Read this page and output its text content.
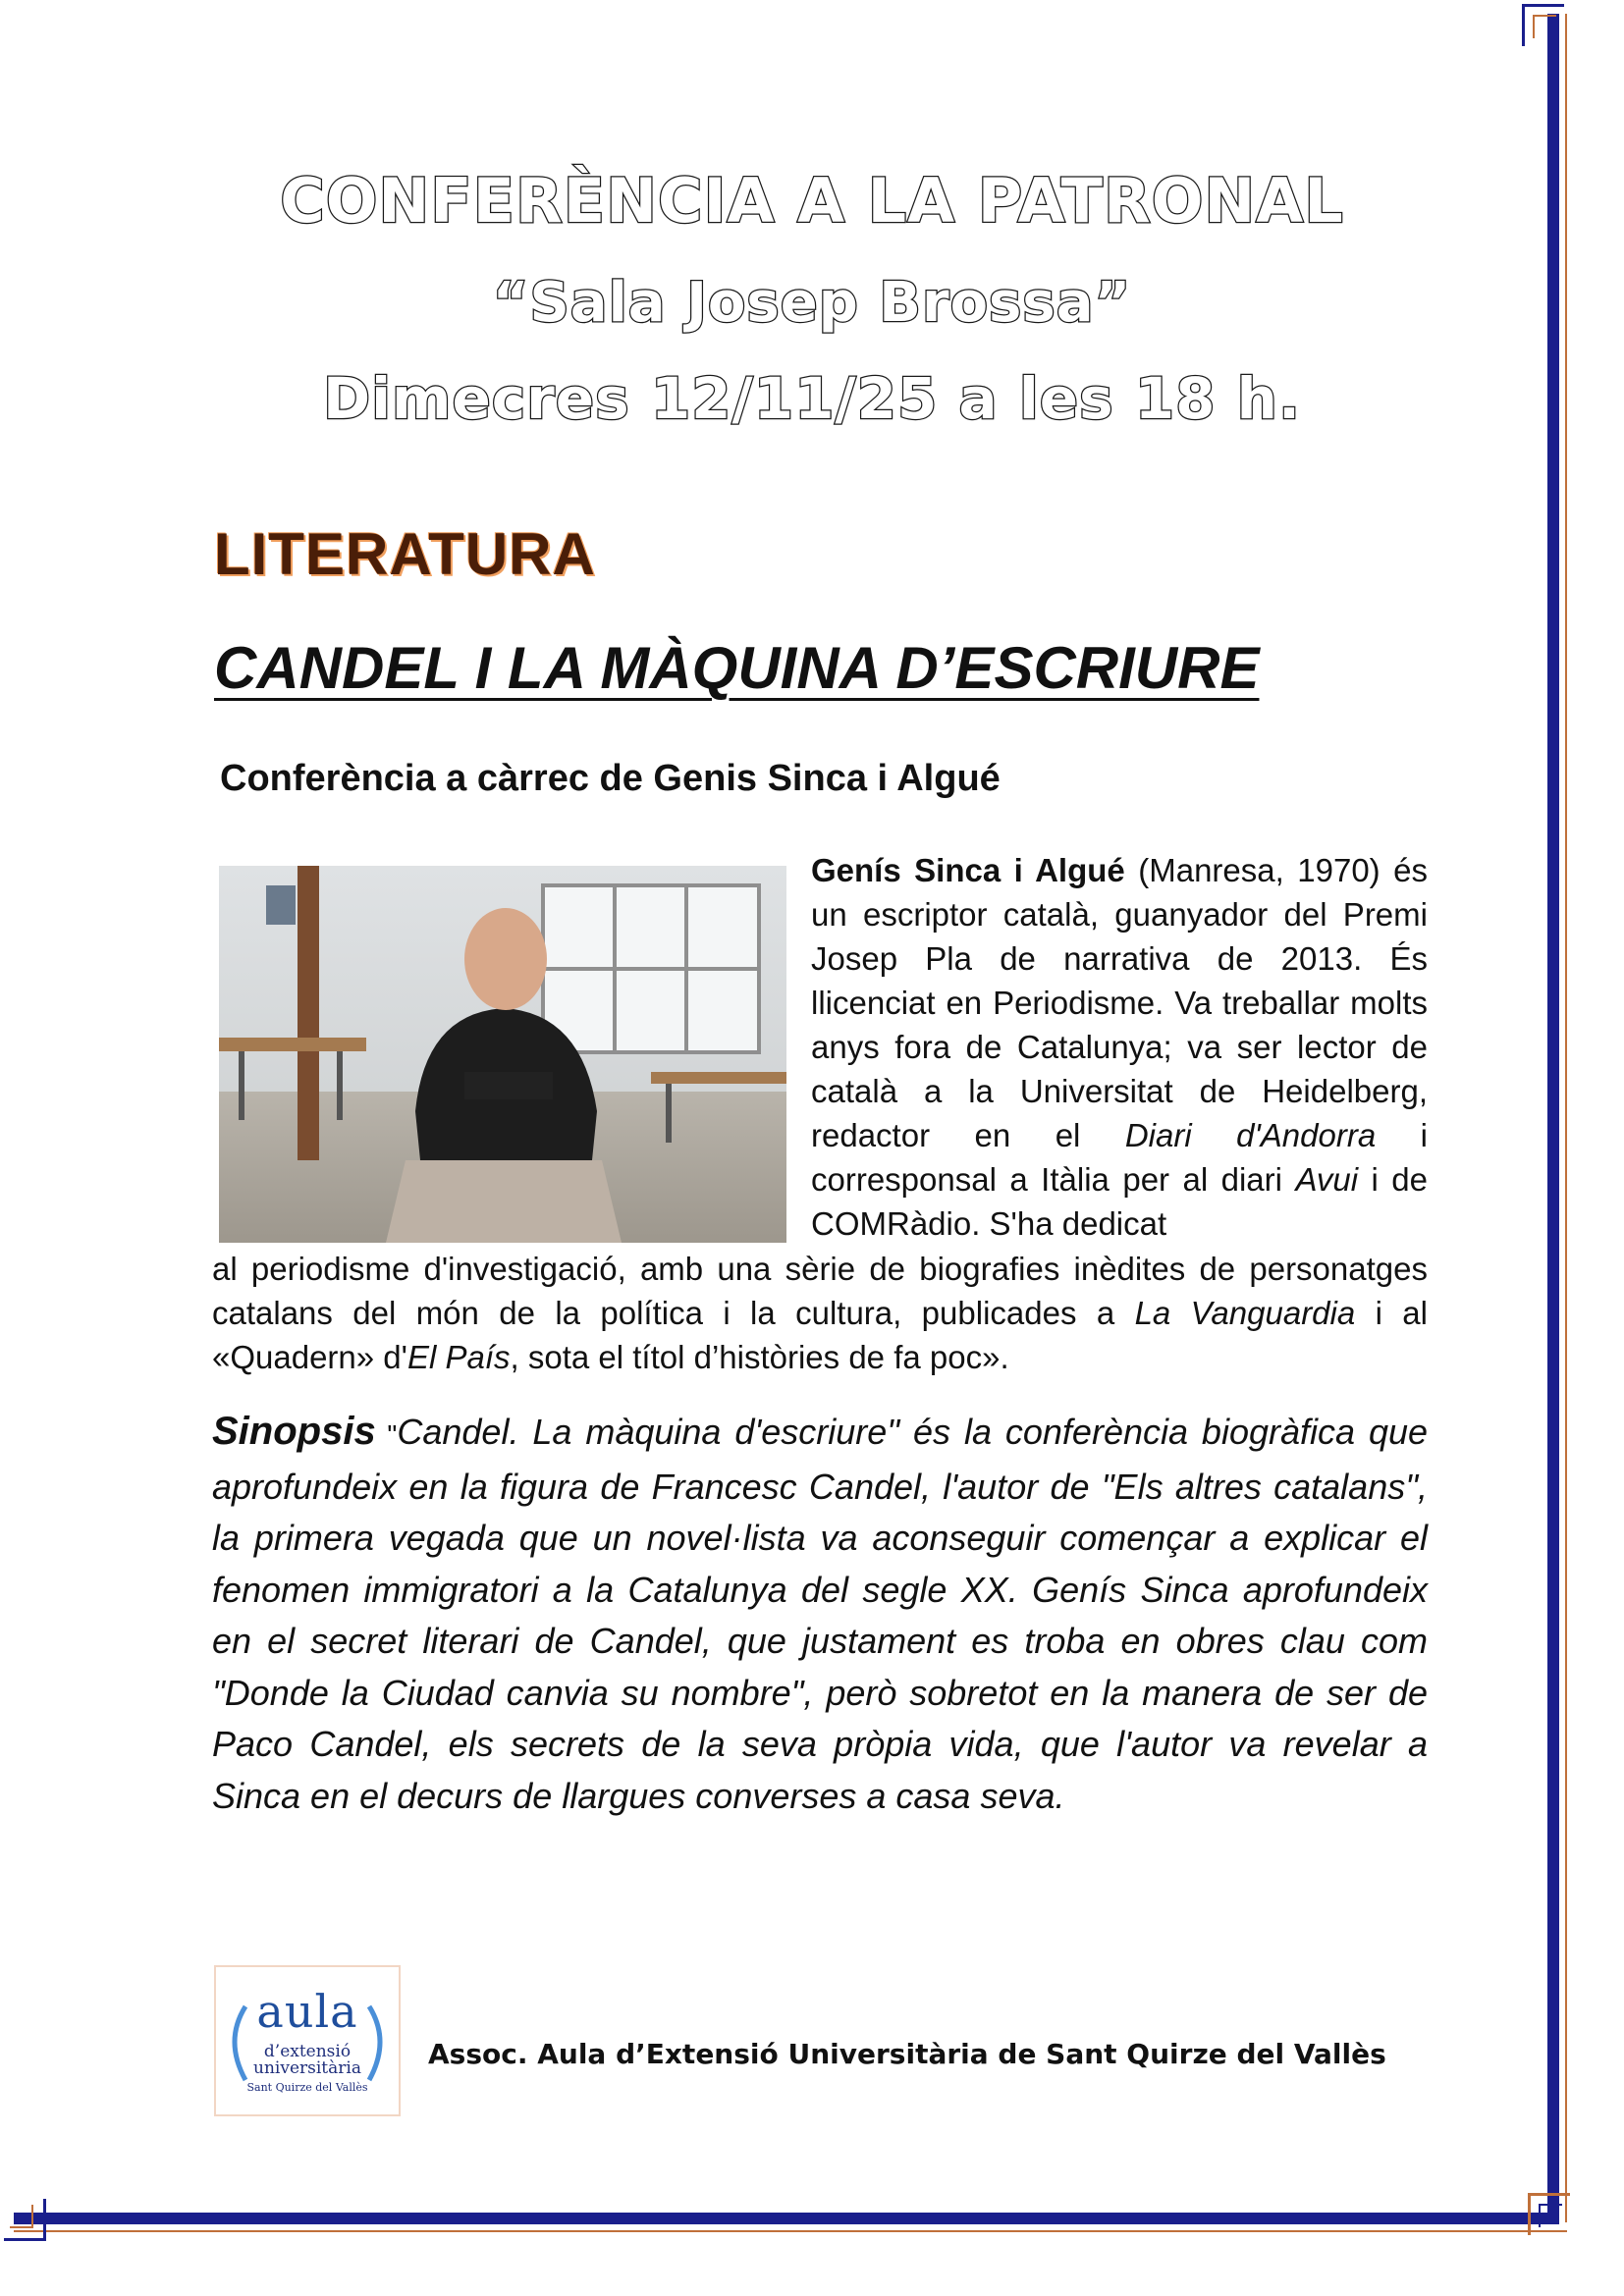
CONFERÈNCIA A LA PATRONAL
“Sala Josep Brossa”
Dimecres 12/11/25 a les 18 h.
LITERATURA
CANDEL I LA MÀQUINA D’ESCRIURE
Conferència a càrrec de Genis Sinca i Algué
Genís Sinca i Algué (Manresa, 1970) és un escriptor català, guanyador del Premi Josep Pla de narrativa de 2013. És llicenciat en Periodisme. Va treballar molts anys fora de Catalunya; va ser lector de català a la Universitat de Heidelberg, redactor en el Diari d'Andorra i corresponsal a Itàlia per al diari Avui i de COMRàdio. S'ha dedicat
al periodisme d'investigació, amb una sèrie de biografies inèdites de personatges catalans del món de la política i la cultura, publicades a La Vanguardia i al «Quadern» d'El País, sota el títol d’històries de fa poc».
Sinopsis "Candel. La màquina d'escriure" és la conferència biogràfica que aprofundeix en la figura de Francesc Candel, l'autor de "Els altres catalans", la primera vegada que un novel·lista va aconseguir començar a explicar el fenomen immigratori a la Catalunya del segle XX. Genís Sinca aprofundeix en el secret literari de Candel, que justament es troba en obres clau com "Donde la Ciudad canvia su nombre", però sobretot en la manera de ser de Paco Candel, els secrets de la seva pròpia vida, que l'autor va revelar a Sinca en el decurs de llargues converses a casa seva.
aula
d’extensió
universitària
Sant Quirze del Vallès
Assoc. Aula d’Extensió Universitària de Sant Quirze del Vallès
